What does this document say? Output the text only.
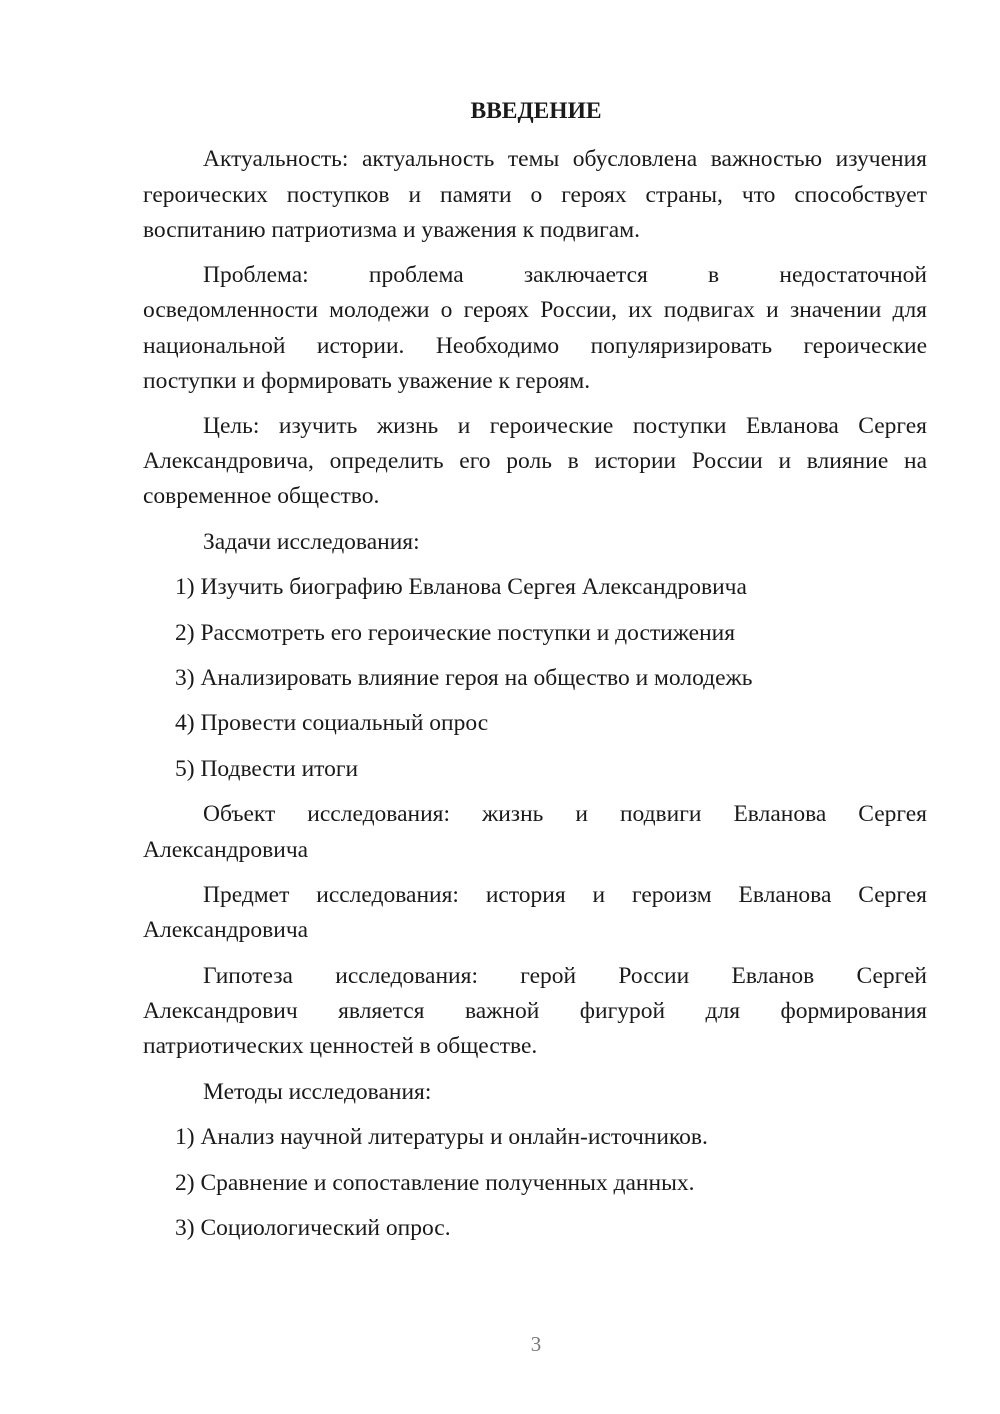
ВВЕДЕНИЕ
Актуальность: актуальность темы обусловлена важностью изучения
героических поступков и памяти о героях страны, что способствует
воспитанию патриотизма и уважения к подвигам.
Проблема: проблема заключается в недостаточной
осведомленности молодежи о героях России, их подвигах и значении для
национальной истории. Необходимо популяризировать героические
поступки и формировать уважение к героям.
Цель: изучить жизнь и героические поступки Евланова Сергея
Александровича, определить его роль в истории России и влияние на
современное общество.
Задачи исследования:
1) Изучить биографию Евланова Сергея Александровича
2) Рассмотреть его героические поступки и достижения
3) Анализировать влияние героя на общество и молодежь
4) Провести социальный опрос
5) Подвести итоги
Объект исследования: жизнь и подвиги Евланова Сергея
Александровича
Предмет исследования: история и героизм Евланова Сергея
Александровича
Гипотеза исследования: герой России Евланов Сергей
Александрович является важной фигурой для формирования
патриотических ценностей в обществе.
Методы исследования:
1) Анализ научной литературы и онлайн-источников.
2) Сравнение и сопоставление полученных данных.
3) Социологический опрос.
3
